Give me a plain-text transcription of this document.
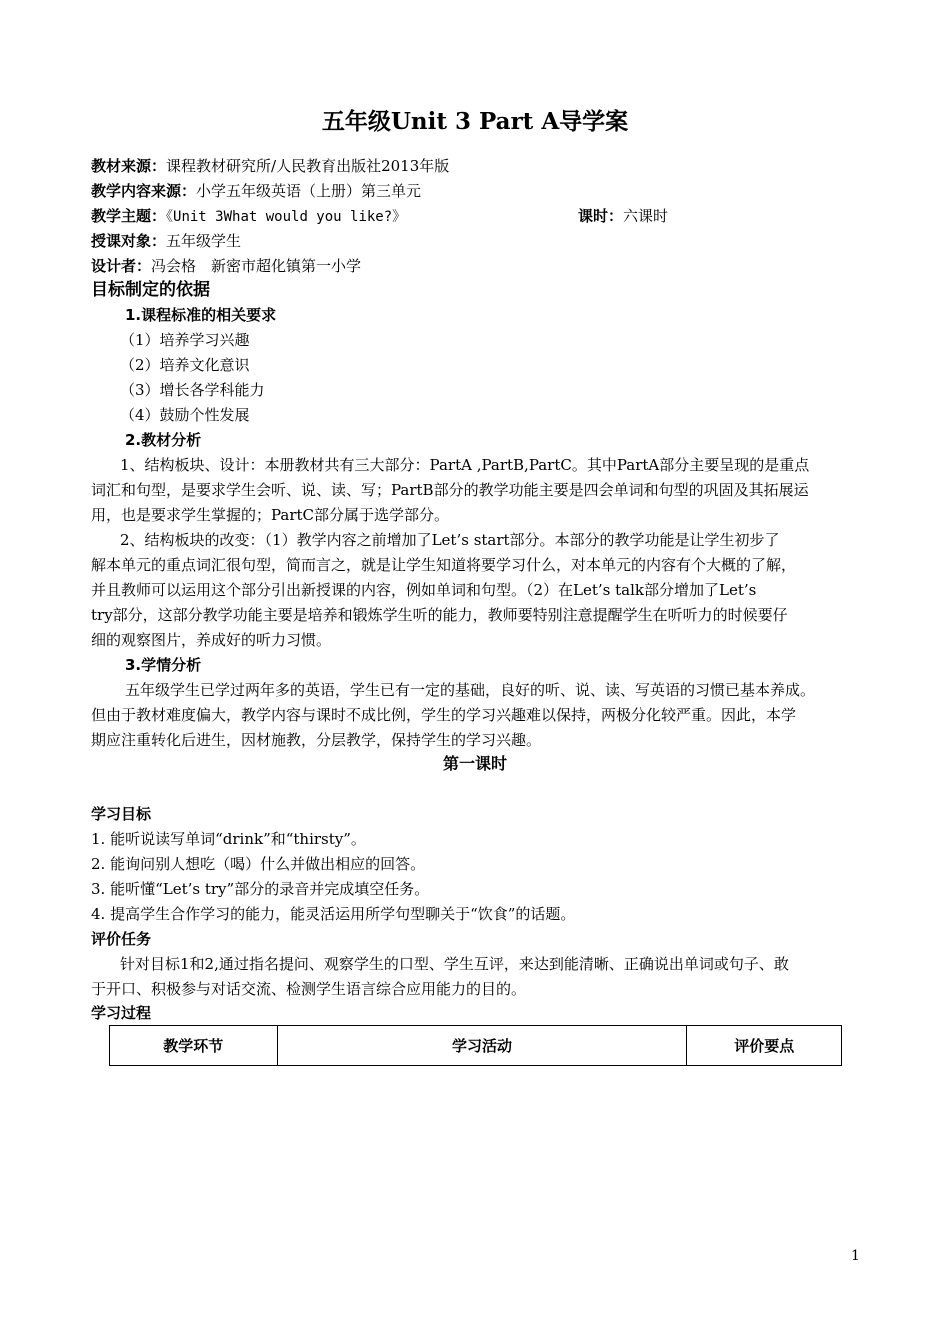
五年级Unit 3 Part A导学案
教材来源：课程教材研究所/人民教育出版社2013年版
教学内容来源：小学五年级英语（上册）第三单元
教学主题：《Unit 3What would you like?》	课时：六课时
授课对象：五年级学生
设计者：冯会格　新密市超化镇第一小学
目标制定的依据
1.课程标准的相关要求
（1）培养学习兴趣
（2）培养文化意识
（3）增长各学科能力
（4）鼓励个性发展
2.教材分析
1、结构板块、设计：本册教材共有三大部分：PartA ,PartB,PartC。其中PartA部分主要呈现的是重点
词汇和句型，是要求学生会听、说、读、写；PartB部分的教学功能主要是四会单词和句型的巩固及其拓展运
用，也是要求学生掌握的；PartC部分属于选学部分。
2、结构板块的改变：（1）教学内容之前增加了Let’s start部分。本部分的教学功能是让学生初步了
解本单元的重点词汇很句型，简而言之，就是让学生知道将要学习什么，对本单元的内容有个大概的了解，
并且教师可以运用这个部分引出新授课的内容，例如单词和句型。（2）在Let’s talk部分增加了Let’s
try部分，这部分教学功能主要是培养和锻炼学生听的能力，教师要特别注意提醒学生在听听力的时候要仔
细的观察图片，养成好的听力习惯。
3.学情分析
五年级学生已学过两年多的英语，学生已有一定的基础，良好的听、说、读、写英语的习惯已基本养成。
但由于教材难度偏大，教学内容与课时不成比例，学生的学习兴趣难以保持，两极分化较严重。因此，本学
期应注重转化后进生，因材施教，分层教学，保持学生的学习兴趣。
第一课时
学习目标
1. 能听说读写单词“drink”和“thirsty”。
2. 能询问别人想吃（喝）什么并做出相应的回答。
3. 能听懂“Let’s try”部分的录音并完成填空任务。
4. 提高学生合作学习的能力，能灵活运用所学句型聊关于“饮食”的话题。
评价任务
针对目标1和2,通过指名提问、观察学生的口型、学生互评，来达到能清晰、正确说出单词或句子、敢
于开口、积极参与对话交流、检测学生语言综合应用能力的目的。
学习过程
教学环节	学习活动	评价要点
1
